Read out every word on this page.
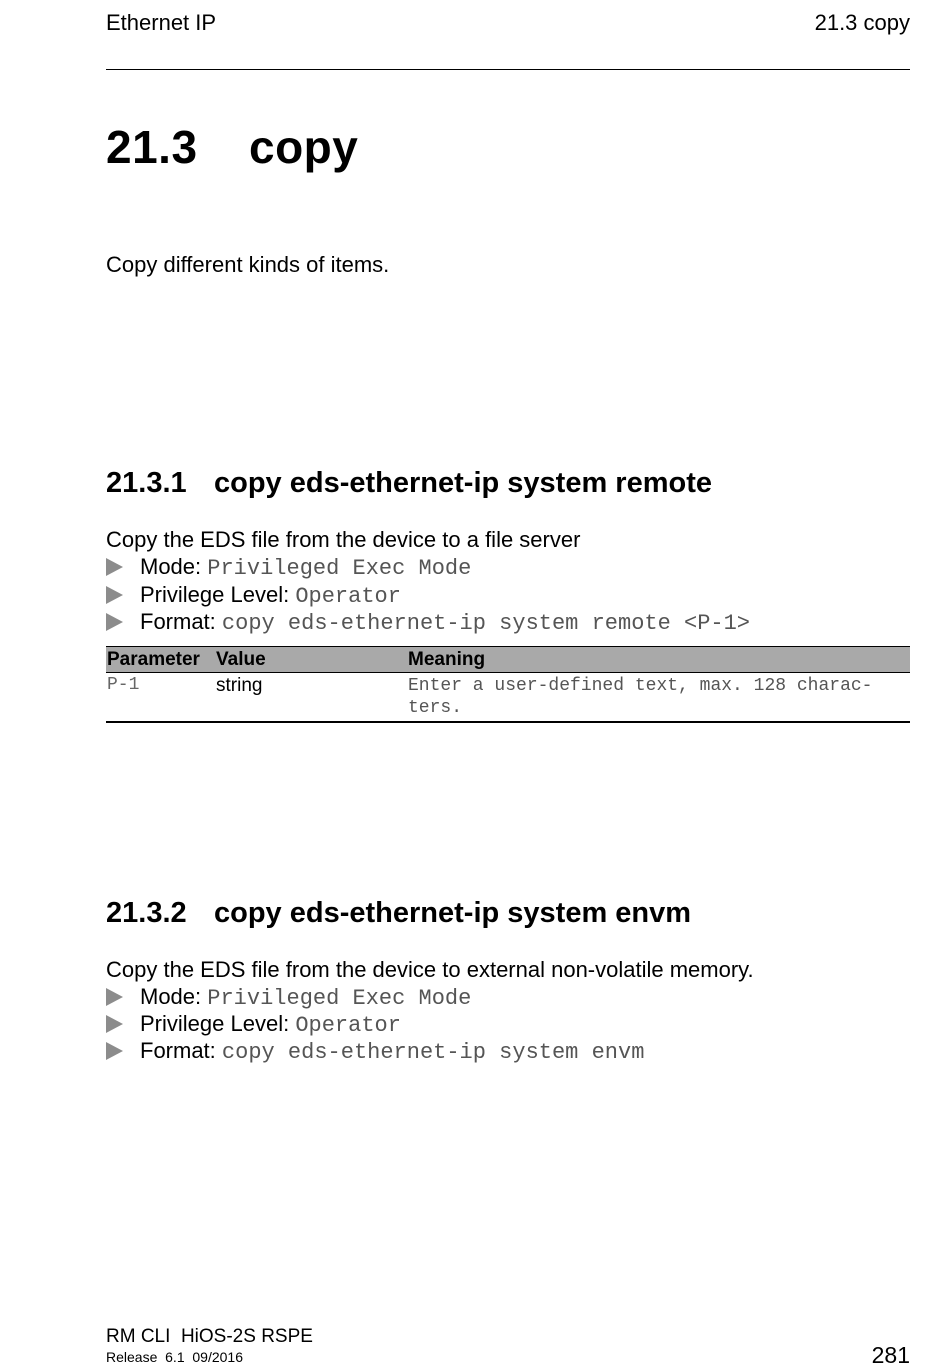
Ethernet IP	21.3 copy
21.3 copy
Copy different kinds of items.
21.3.1 copy eds-ethernet-ip system remote
Copy the EDS file from the device to a file server
Mode: Privileged Exec Mode
Privilege Level: Operator
Format: copy eds-ethernet-ip system remote <P-1>
Parameter	Value	Meaning
P-1	string	Enter a user-defined text, max. 128 charac-ters.
21.3.2 copy eds-ethernet-ip system envm
Copy the EDS file from the device to external non-volatile memory.
Mode: Privileged Exec Mode
Privilege Level: Operator
Format: copy eds-ethernet-ip system envm
RM CLI  HiOS-2S RSPE
Release  6.1  09/2016	281
